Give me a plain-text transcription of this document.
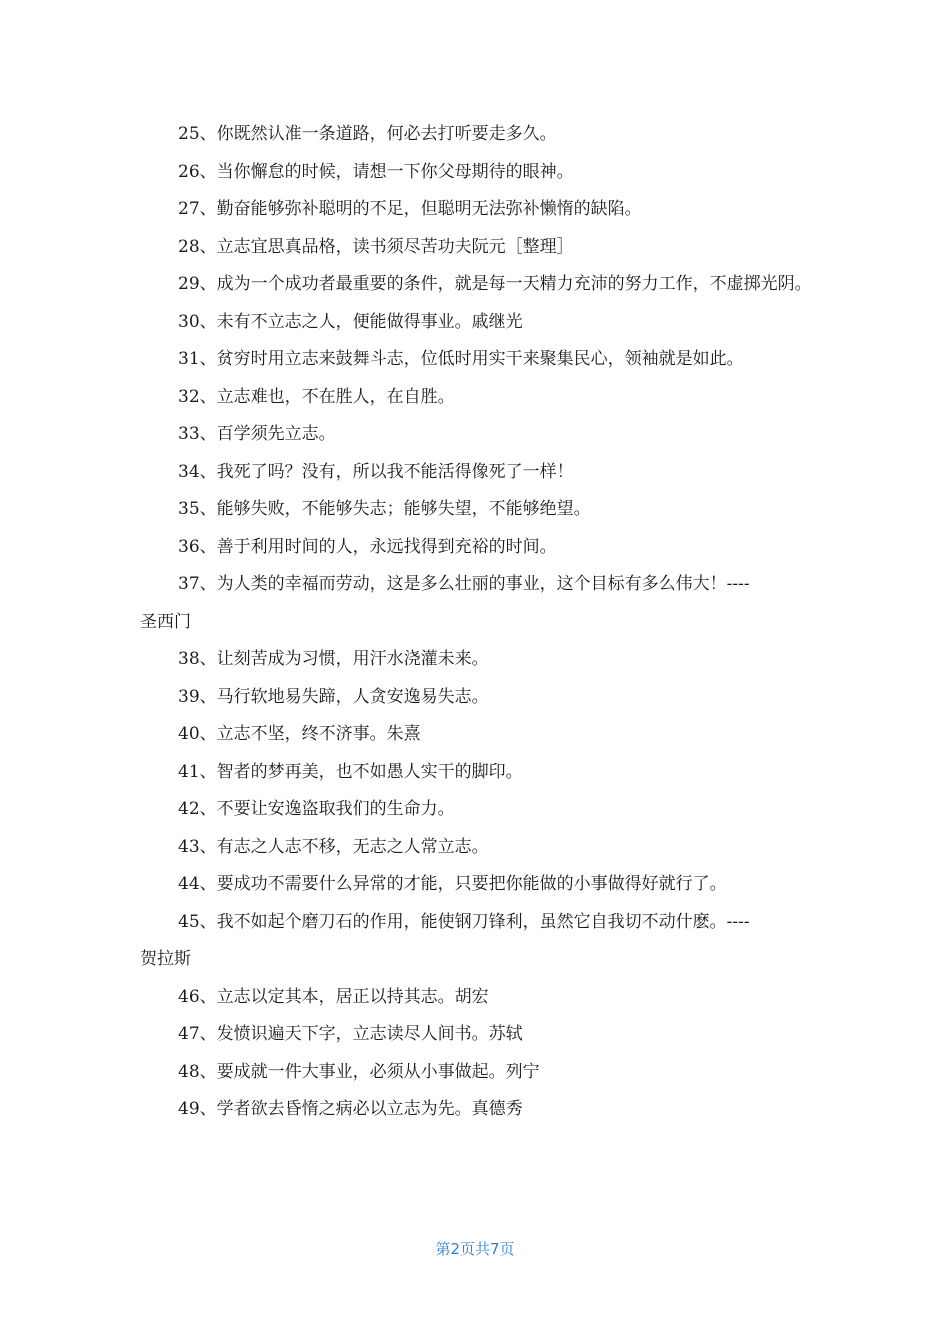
25、你既然认准一条道路，何必去打听要走多久。

26、当你懈怠的时候，请想一下你父母期待的眼神。

27、勤奋能够弥补聪明的不足，但聪明无法弥补懒惰的缺陷。

28、立志宜思真品格，读书须尽苦功夫阮元［整理］

29、成为一个成功者最重要的条件，就是每一天精力充沛的努力工作，不虚掷光阴。

30、未有不立志之人，便能做得事业。戚继光

31、贫穷时用立志来鼓舞斗志，位低时用实干来聚集民心，领袖就是如此。

32、立志难也，不在胜人，在自胜。

33、百学须先立志。

34、我死了吗？没有，所以我不能活得像死了一样！

35、能够失败，不能够失志；能够失望，不能够绝望。

36、善于利用时间的人，永远找得到充裕的时间。

37、为人类的幸福而劳动，这是多么壮丽的事业，这个目标有多么伟大！----圣西门

38、让刻苦成为习惯，用汗水浇灌未来。

39、马行软地易失蹄，人贪安逸易失志。

40、立志不坚，终不济事。朱熹

41、智者的梦再美，也不如愚人实干的脚印。

42、不要让安逸盗取我们的生命力。

43、有志之人志不移，无志之人常立志。

44、要成功不需要什么异常的才能，只要把你能做的小事做得好就行了。

45、我不如起个磨刀石的作用，能使钢刀锋利，虽然它自我切不动什麽。----贺拉斯

46、立志以定其本，居正以持其志。胡宏

47、发愤识遍天下字，立志读尽人间书。苏轼

48、要成就一件大事业，必须从小事做起。列宁

49、学者欲去昏惰之病必以立志为先。真德秀

第2页共7页
